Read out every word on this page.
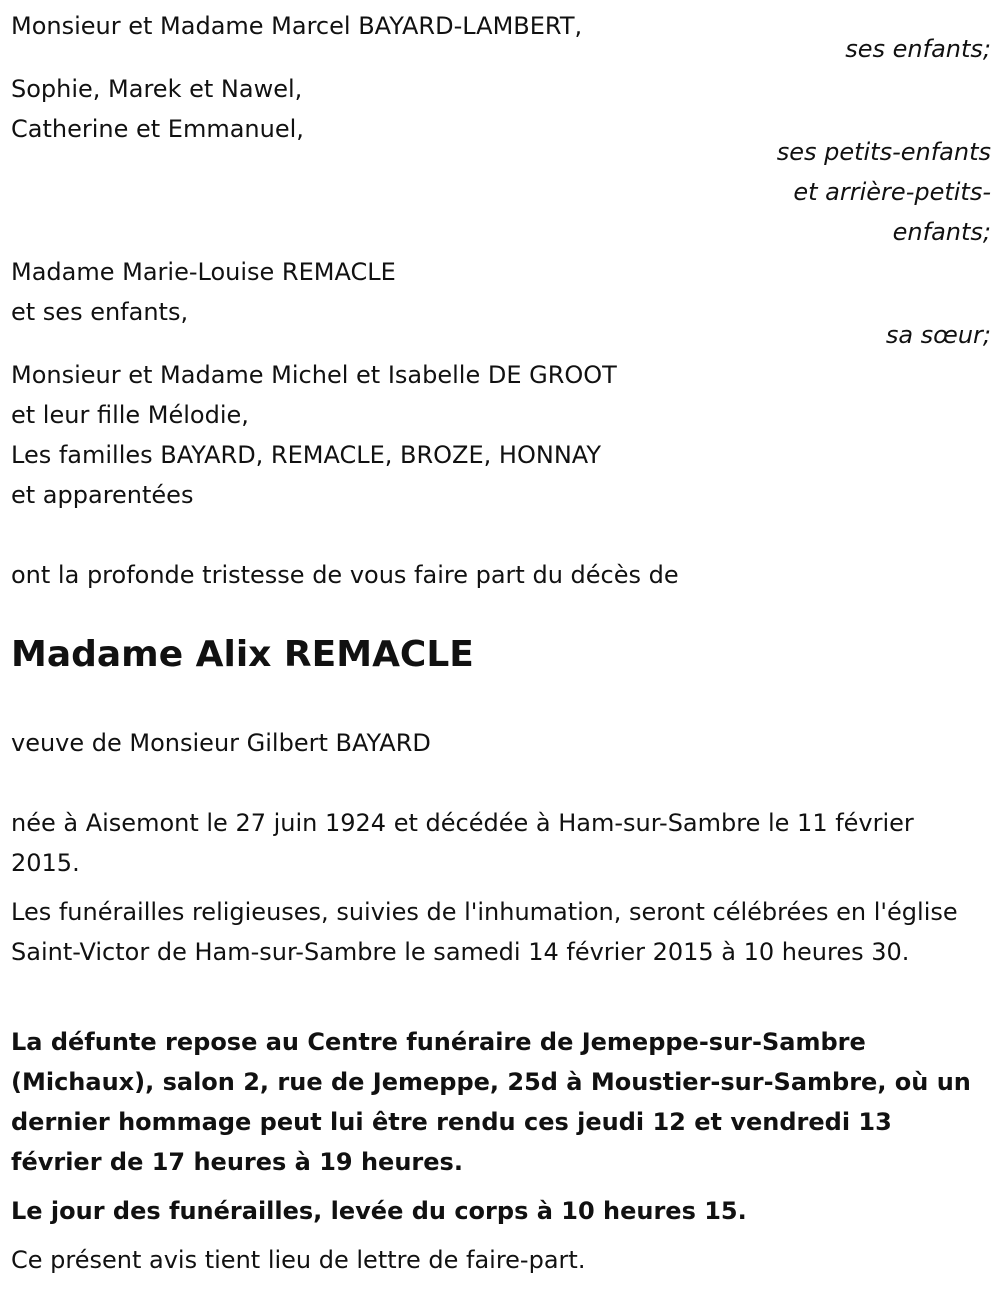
Monsieur et Madame Marcel BAYARD-LAMBERT,
ses enfants;
Sophie, Marek et Nawel,
Catherine et Emmanuel,
ses petits-enfants
et arrière-petits-
enfants;
Madame Marie-Louise REMACLE
et ses enfants,
sa sœur;
Monsieur et Madame Michel et Isabelle DE GROOT
et leur fille Mélodie,
Les familles BAYARD, REMACLE, BROZE, HONNAY
et apparentées
ont la profonde tristesse de vous faire part du décès de
Madame Alix REMACLE
veuve de Monsieur Gilbert BAYARD
née à Aisemont le 27 juin 1924 et décédée à Ham-sur-Sambre le 11 février 2015.
Les funérailles religieuses, suivies de l'inhumation, seront célébrées en l'église Saint-Victor de Ham-sur-Sambre le samedi 14 février 2015 à 10 heures 30.
La défunte repose au Centre funéraire de Jemeppe-sur-Sambre (Michaux), salon 2, rue de Jemeppe, 25d à Moustier-sur-Sambre, où un dernier hommage peut lui être rendu ces jeudi 12 et vendredi 13 février de 17 heures à 19 heures.
Le jour des funérailles, levée du corps à 10 heures 15.
Ce présent avis tient lieu de lettre de faire-part.
